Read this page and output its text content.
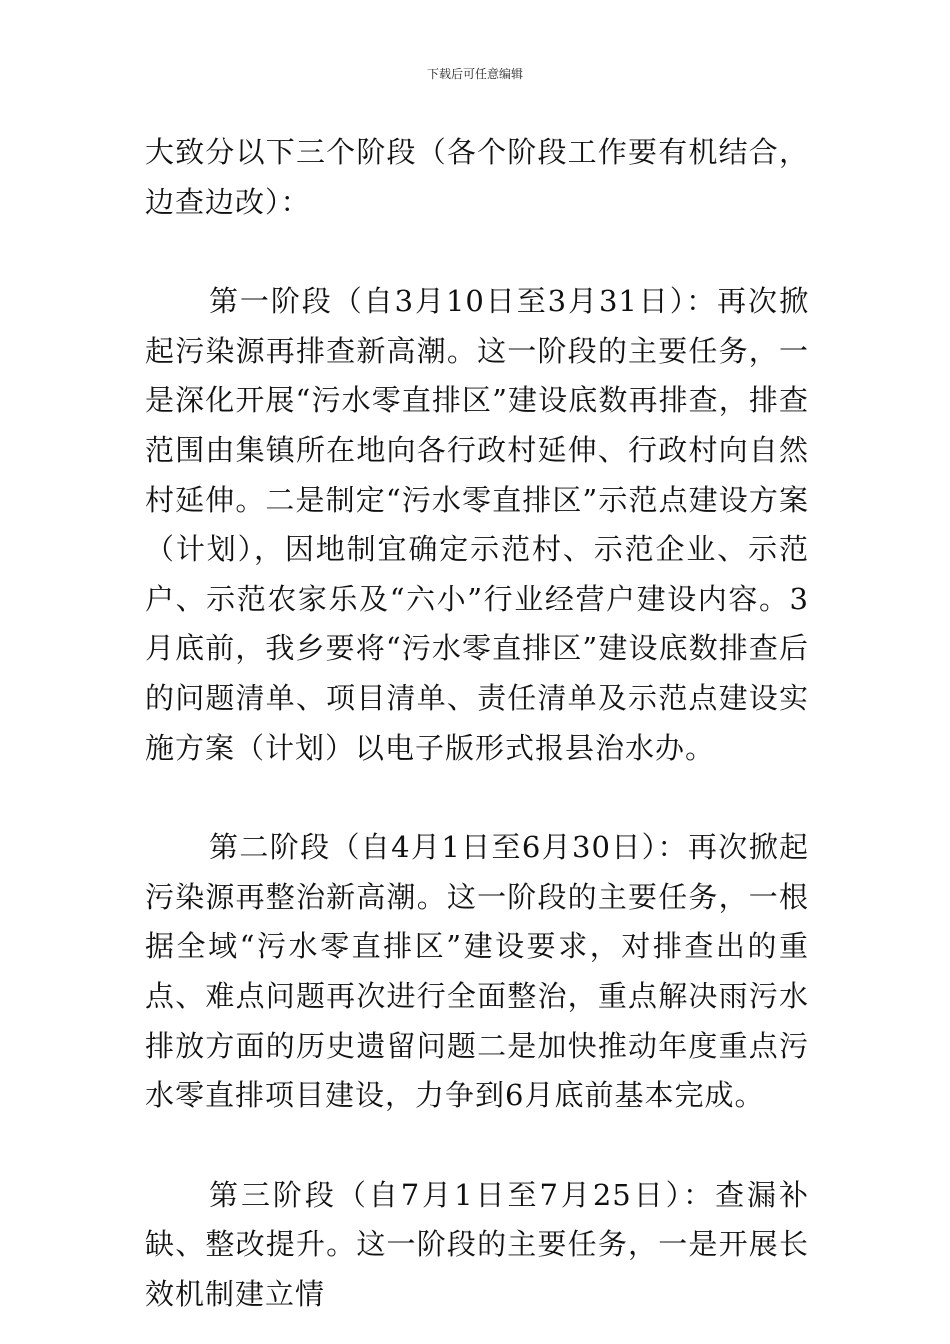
下载后可任意编辑

大致分以下三个阶段（各个阶段工作要有机结合，边查边改）：

第一阶段（自3月10日至3月31日）：再次掀起污染源再排查新高潮。这一阶段的主要任务，一是深化开展“污水零直排区”建设底数再排查，排查范围由集镇所在地向各行政村延伸、行政村向自然村延伸。二是制定“污水零直排区”示范点建设方案（计划），因地制宜确定示范村、示范企业、示范户、示范农家乐及“六小”行业经营户建设内容。3月底前，我乡要将“污水零直排区”建设底数排查后的问题清单、项目清单、责任清单及示范点建设实施方案（计划）以电子版形式报县治水办。

第二阶段（自4月1日至6月30日）：再次掀起污染源再整治新高潮。这一阶段的主要任务，一根据全域“污水零直排区”建设要求，对排查出的重点、难点问题再次进行全面整治，重点解决雨污水排放方面的历史遗留问题二是加快推动年度重点污水零直排项目建设，力争到6月底前基本完成。

第三阶段（自7月1日至7月25日）：查漏补缺、整改提升。这一阶段的主要任务，一是开展长效机制建立情
